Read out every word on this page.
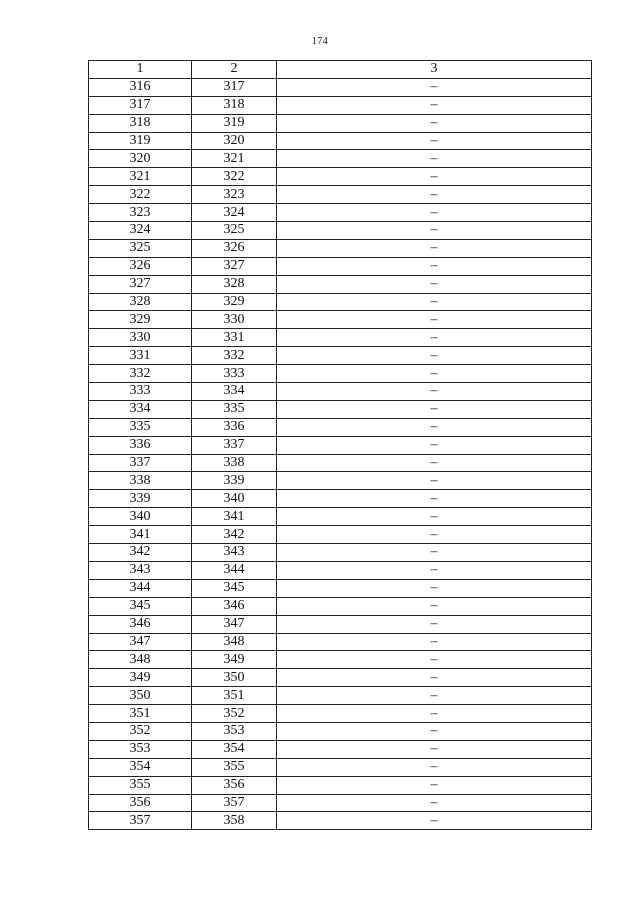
174
1	2	3
316	317	–
317	318	–
318	319	–
319	320	–
320	321	–
321	322	–
322	323	–
323	324	–
324	325	–
325	326	–
326	327	–
327	328	–
328	329	–
329	330	–
330	331	–
331	332	–
332	333	–
333	334	–
334	335	–
335	336	–
336	337	–
337	338	–
338	339	–
339	340	–
340	341	–
341	342	–
342	343	–
343	344	–
344	345	–
345	346	–
346	347	–
347	348	–
348	349	–
349	350	–
350	351	–
351	352	–
352	353	–
353	354	–
354	355	–
355	356	–
356	357	–
357	358	–
